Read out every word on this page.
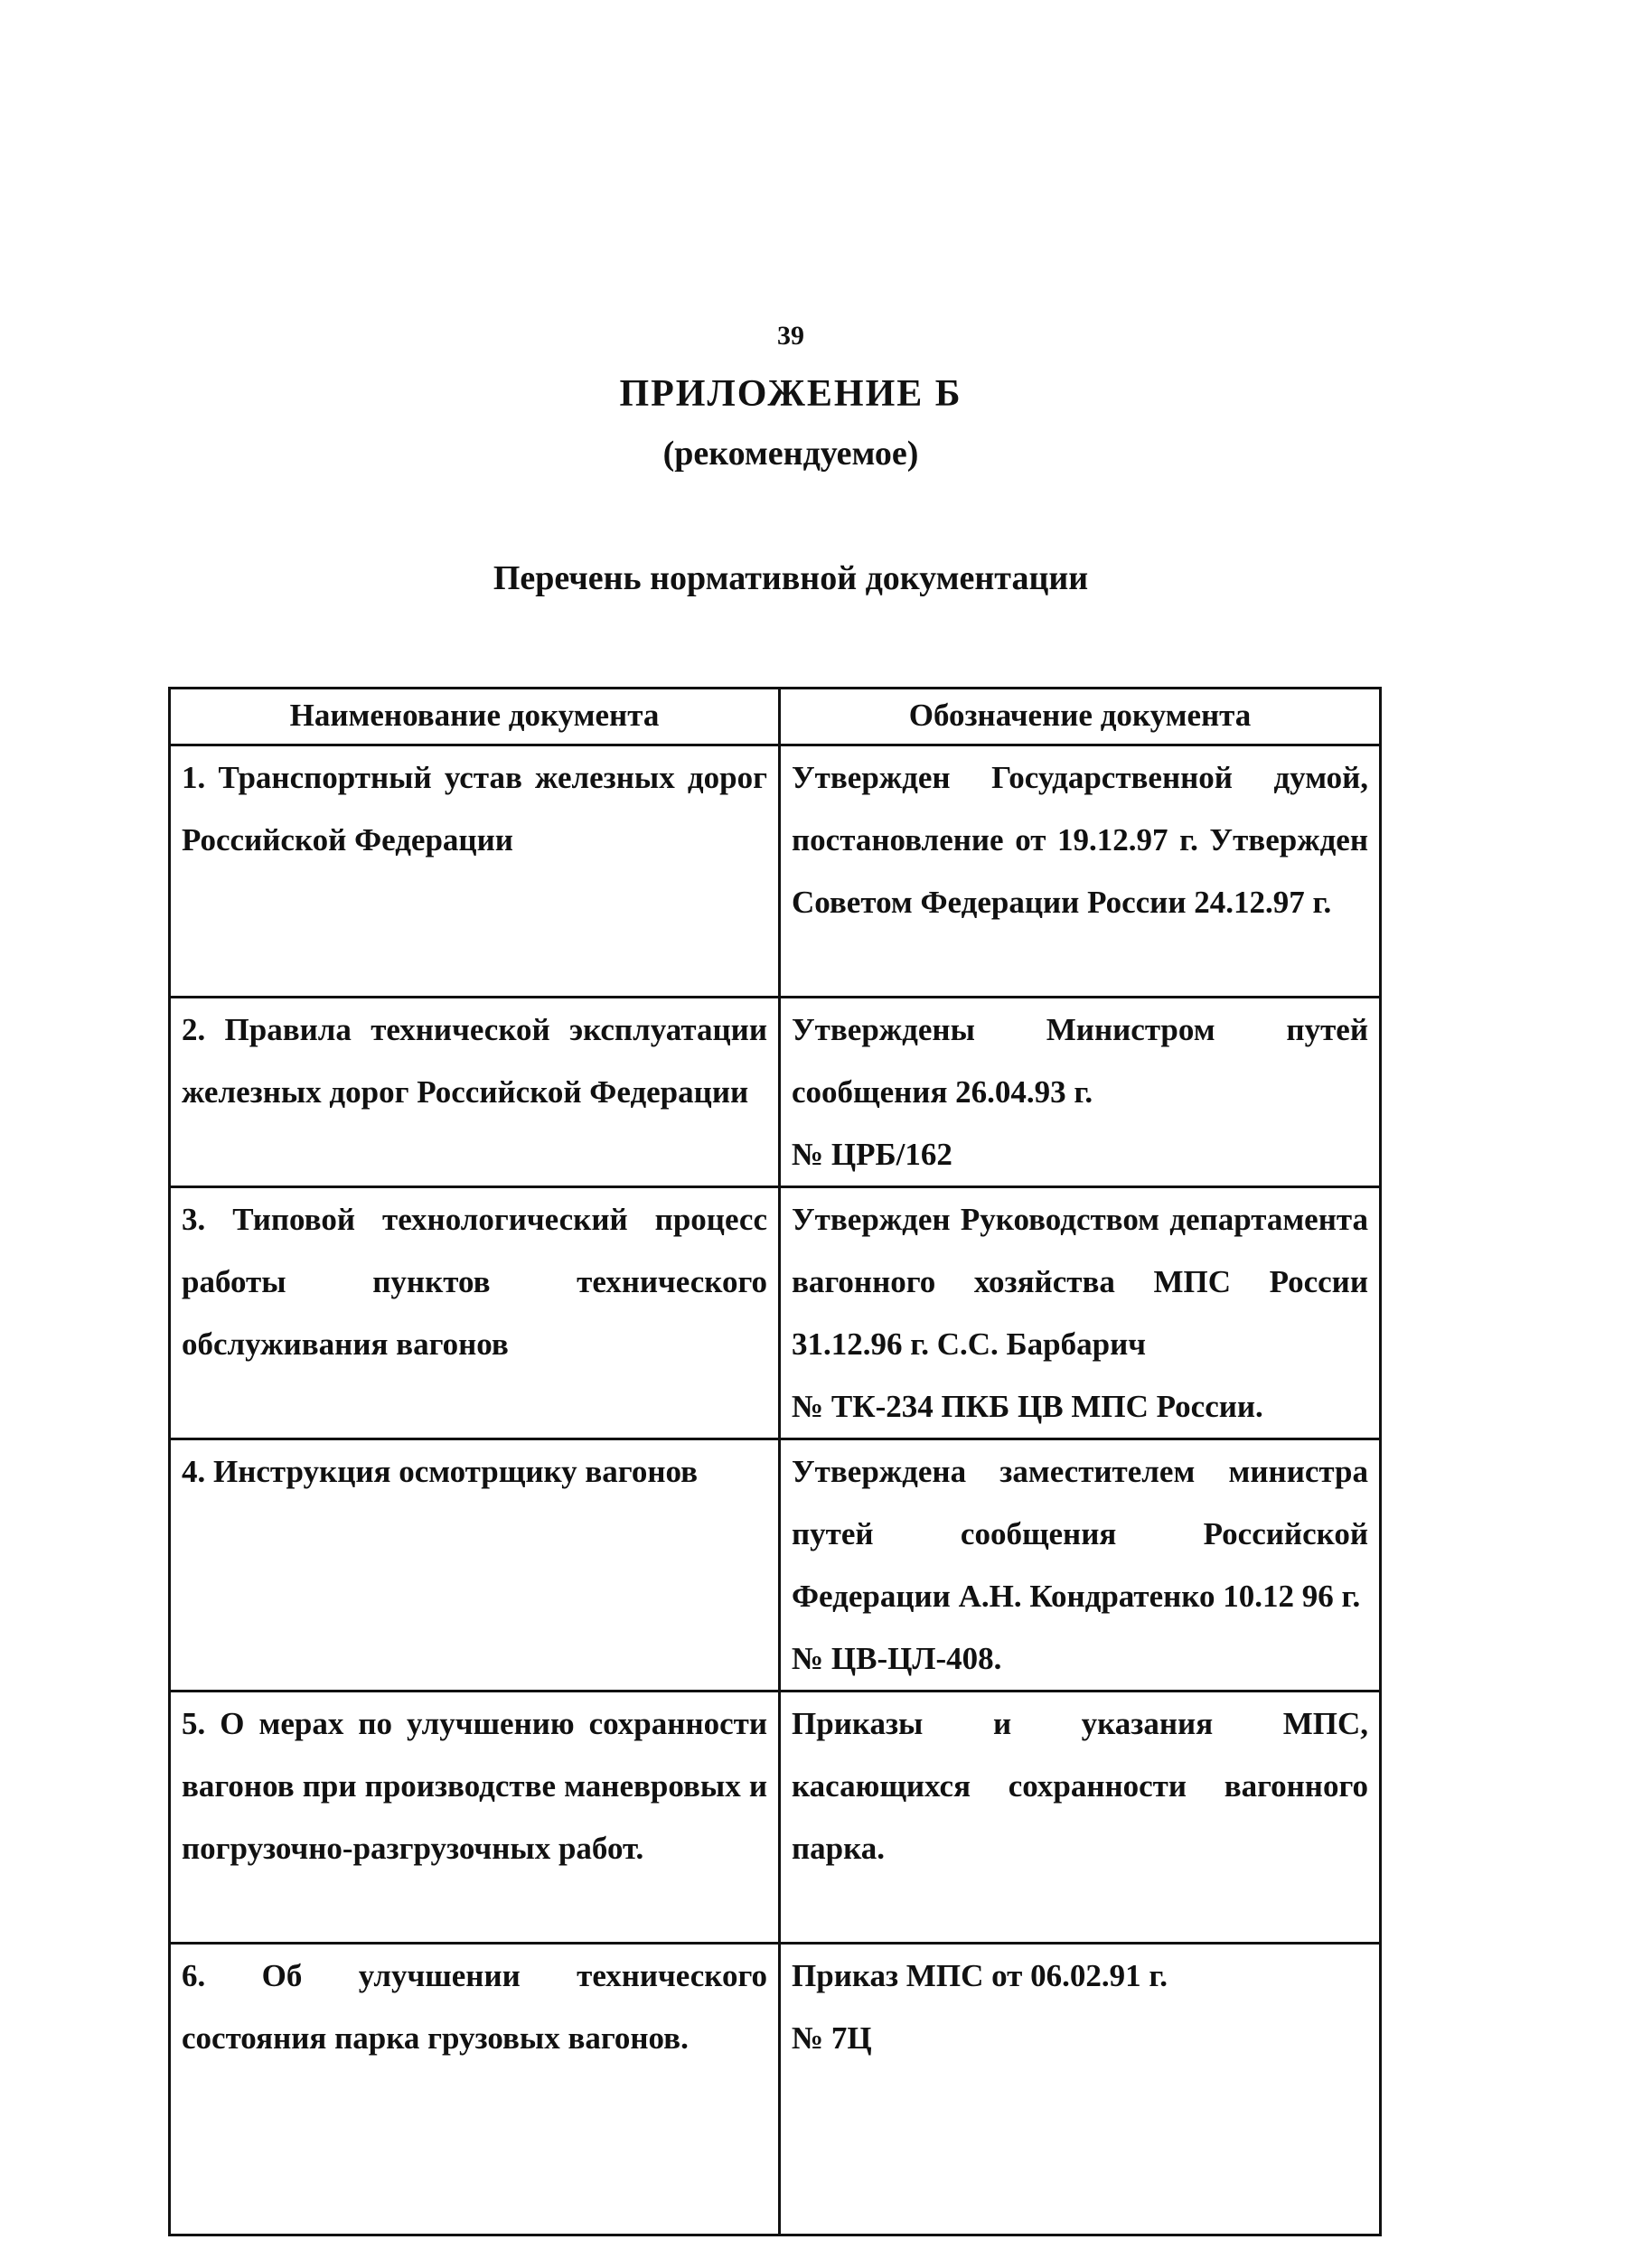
39
ПРИЛОЖЕНИЕ Б
(рекомендуемое)
Перечень нормативной документации
Наименование документа	Обозначение документа
1. Транспортный устав железных дорог Российской Федерации	Утвержден Государственной думой, постановление от 19.12.97 г. Утвержден Советом Федерации России 24.12.97 г.

2. Правила технической эксплуатации железных дорог Российской Федерации	Утверждены Министром путей сообщения 26.04.93 г.
№ ЦРБ/162

3. Типовой технологический процесс работы пунктов технического обслуживания вагонов	Утвержден Руководством департамента вагонного хозяйства МПС России 31.12.96 г. С.С. Барбарич
№ ТК-234 ПКБ ЦВ МПС России.

4. Инструкция осмотрщику вагонов	Утверждена заместителем министра путей сообщения Российской Федерации А.Н. Кондратенко 10.12 96 г.
№ ЦВ-ЦЛ-408.

5. О мерах по улучшению сохранности вагонов при производстве маневровых и погрузочно-разгрузочных работ.	Приказы и указания МПС, касающихся сохранности вагонного парка.

6. Об улучшении технического состояния парка грузовых вагонов.	Приказ МПС от 06.02.91 г.
№ 7Ц
